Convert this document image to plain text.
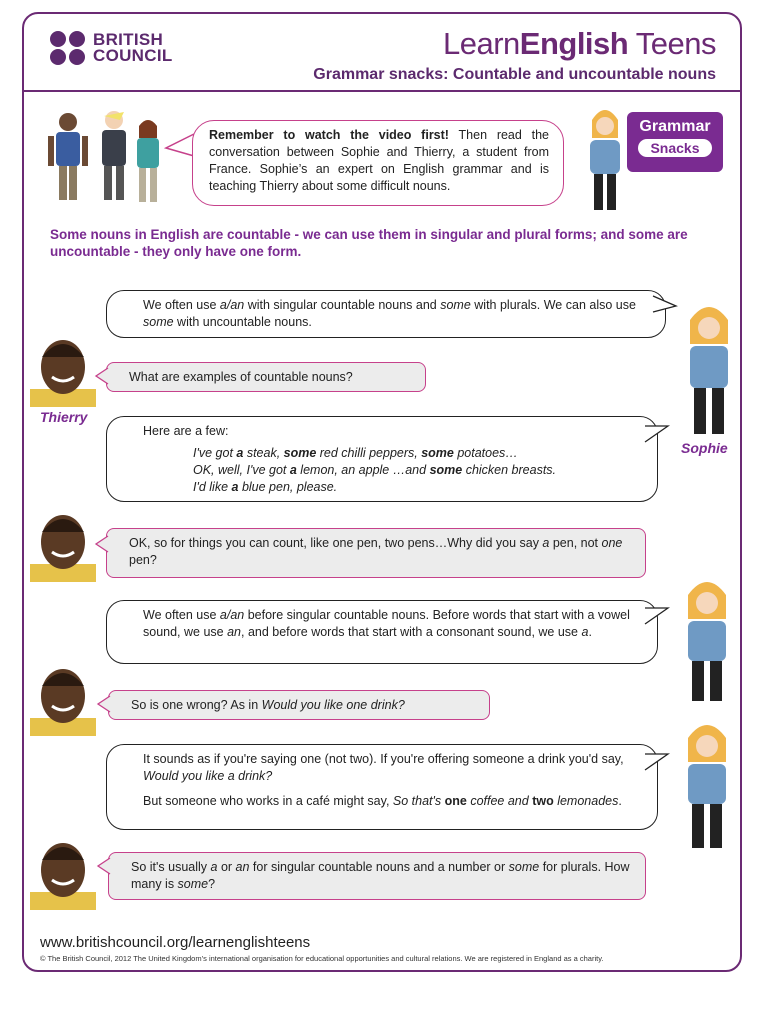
BRITISH
COUNCIL	LearnEnglish Teens
Grammar snacks: Countable and uncountable nouns
Remember to watch the video first! Then read the conversation between Sophie and Thierry, a student from France. Sophie’s an expert on English grammar and is teaching Thierry about some difficult nouns.
Grammar
Snacks
Some nouns in English are countable - we can use them in singular and plural forms; and some are uncountable - they only have one form.

We often use a/an with singular countable nouns and some with plurals. We can also use some with uncountable nouns.

Thierry

What are examples of countable nouns?

Sophie

Here are a few:

I've got a steak, some red chilli peppers, some potatoes…

OK, well, I've got a lemon, an apple …and some chicken breasts.

I'd like a blue pen, please.

OK, so for things you can count, like one pen, two pens…Why did you say a pen, not one pen?

We often use a/an before singular countable nouns. Before words that start with a vowel sound, we use an, and before words that start with a consonant sound, we use a.

So is one wrong? As in Would you like one drink?

It sounds as if you're saying one (not two). If you're offering someone a drink you'd say, Would you like a drink?

But someone who works in a café might say, So that's one coffee and two lemonades.

So it's usually a or an for singular countable nouns and a number or some for plurals. How many is some?

www.britishcouncil.org/learnenglishteens
© The British Council, 2012 The United Kingdom’s international organisation for educational opportunities and cultural relations. We are registered in England as a charity.
